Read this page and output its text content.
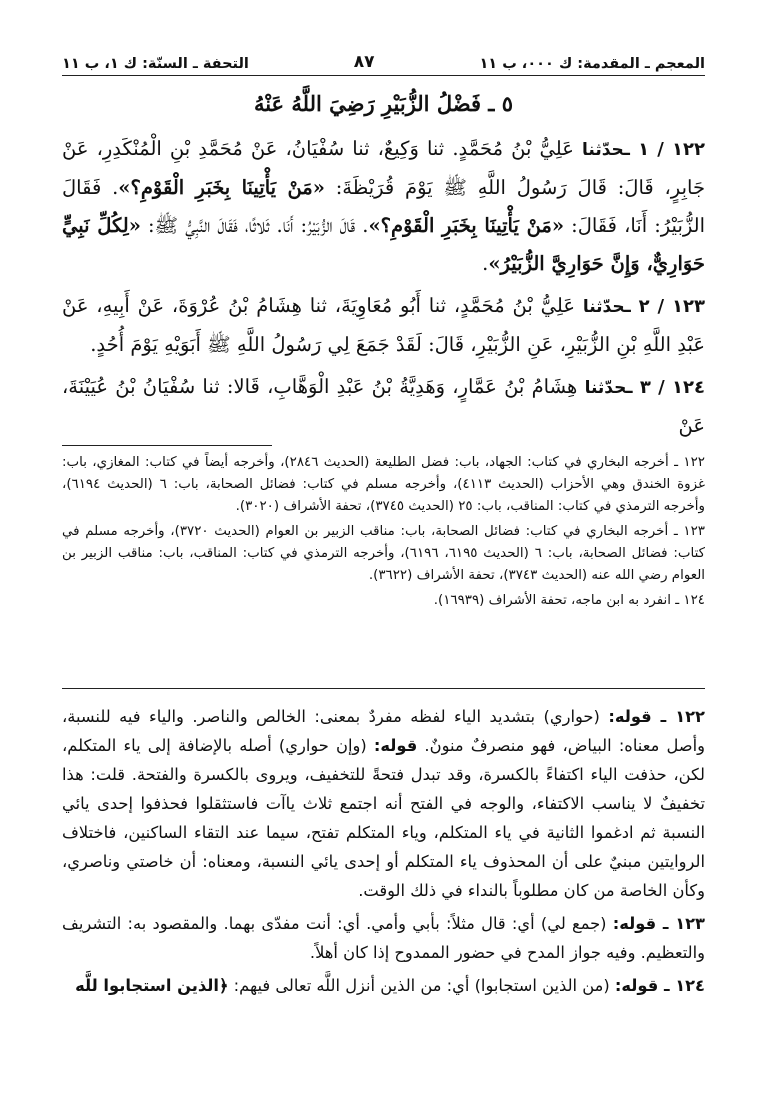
المعجم ـ المقدمة: ك ٠٠٠، ب ١١
٨٧
التحفة ـ السنّة: ك ١، ب ١١
٥ ـ فَضْلُ الزُّبَيْرِ رَضِيَ اللَّهُ عَنْهُ

١٢٢ / ١ ـحدّثنا عَلِيُّ بْنُ مُحَمَّدٍ. ثنا وَكِيعٌ، ثنا سُفْيَانُ، عَنْ مُحَمَّدِ بْنِ الْمُنْكَدِرِ، عَنْ جَابِرٍ، قَالَ: قَالَ رَسُولُ اللَّهِ ﷺ يَوْمَ قُرَيْظَةَ: «مَنْ يَأْتِينَا بِخَبَرِ الْقَوْمِ؟». فَقَالَ الزُّبَيْرُ: أَنَا، فَقَالَ: «مَنْ يَأْتِينَا بِخَبَرِ الْقَوْمِ؟». قَالَ الزُّبَيْرُ: أَنَا. ثَلاثًا، فَقَالَ النَّبِيُّ ﷺ: «لِكُلِّ نَبِيٍّ حَوَارِيٌّ، وَإِنَّ حَوَارِيَّ الزُّبَيْرُ».

١٢٣ / ٢ ـحدّثنا عَلِيُّ بْنُ مُحَمَّدٍ، ثنا أَبُو مُعَاوِيَةَ، ثنا هِشَامُ بْنُ عُرْوَةَ، عَنْ أَبِيهِ، عَنْ عَبْدِ اللَّهِ بْنِ الزُّبَيْرِ، عَنِ الزُّبَيْرِ، قَالَ: لَقَدْ جَمَعَ لِي رَسُولُ اللَّهِ ﷺ أَبَوَيْهِ يَوْمَ أُحُدٍ.

١٢٤ / ٣ ـحدّثنا هِشَامُ بْنُ عَمَّارٍ، وَهَدِيَّةُ بْنُ عَبْدِ الْوَهَّابِ، قَالا: ثنا سُفْيَانُ بْنُ عُيَيْنَةَ، عَنْ

١٢٢ ـ أخرجه البخاري في كتاب: الجهاد، باب: فضل الطليعة (الحديث ٢٨٤٦)، وأخرجه أيضاً في كتاب: المغازي، باب: غزوة الخندق وهي الأحزاب (الحديث ٤١١٣)، وأخرجه مسلم في كتاب: فضائل الصحابة، باب: ٦ (الحديث ٦١٩٤)، وأخرجه الترمذي في كتاب: المناقب، باب: ٢٥ (الحديث ٣٧٤٥)، تحفة الأشراف (٣٠٢٠).

١٢٣ ـ أخرجه البخاري في كتاب: فضائل الصحابة، باب: مناقب الزبير بن العوام (الحديث ٣٧٢٠)، وأخرجه مسلم في كتاب: فضائل الصحابة، باب: ٦ (الحديث ٦١٩٥، ٦١٩٦)، وأخرجه الترمذي في كتاب: المناقب، باب: مناقب الزبير بن العوام رضي الله عنه (الحديث ٣٧٤٣)، تحفة الأشراف (٣٦٢٢).

١٢٤ ـ انفرد به ابن ماجه، تحفة الأشراف (١٦٩٣٩).

١٢٢ ـ قوله: (حواري) بتشديد الياء لفظه مفردٌ بمعنى: الخالص والناصر. والياء فيه للنسبة، وأصل معناه: البياض، فهو منصرفٌ منونٌ. قوله: (وإن حواري) أصله بالإضافة إلى ياء المتكلم، لكن، حذفت الياء اكتفاءً بالكسرة، وقد تبدل فتحةً للتخفيف، ويروى بالكسرة والفتحة. قلت: هذا تخفيفٌ لا يناسب الاكتفاء، والوجه في الفتح أنه اجتمع ثلاث ياآت فاستثقلوا فحذفوا إحدى يائي النسبة ثم ادغموا الثانية في ياء المتكلم، وياء المتكلم تفتح، سيما عند التقاء الساكنين، فاختلاف الروايتين مبنيٌ على أن المحذوف ياء المتكلم أو إحدى يائي النسبة، ومعناه: أن خاصتي وناصري، وكأن الخاصة من كان مطلوباً بالنداء في ذلك الوقت.

١٢٣ ـ قوله: (جمع لي) أي: قال مثلاً: بأبي وأمي. أي: أنت مفدّى بهما. والمقصود به: التشريف والتعظيم. وفيه جواز المدح في حضور الممدوح إذا كان أهلاً.

١٢٤ ـ قوله: (من الذين استجابوا) أي: من الذين أنزل اللَّه تعالى فيهم: ﴿الذين استجابوا للَّه
